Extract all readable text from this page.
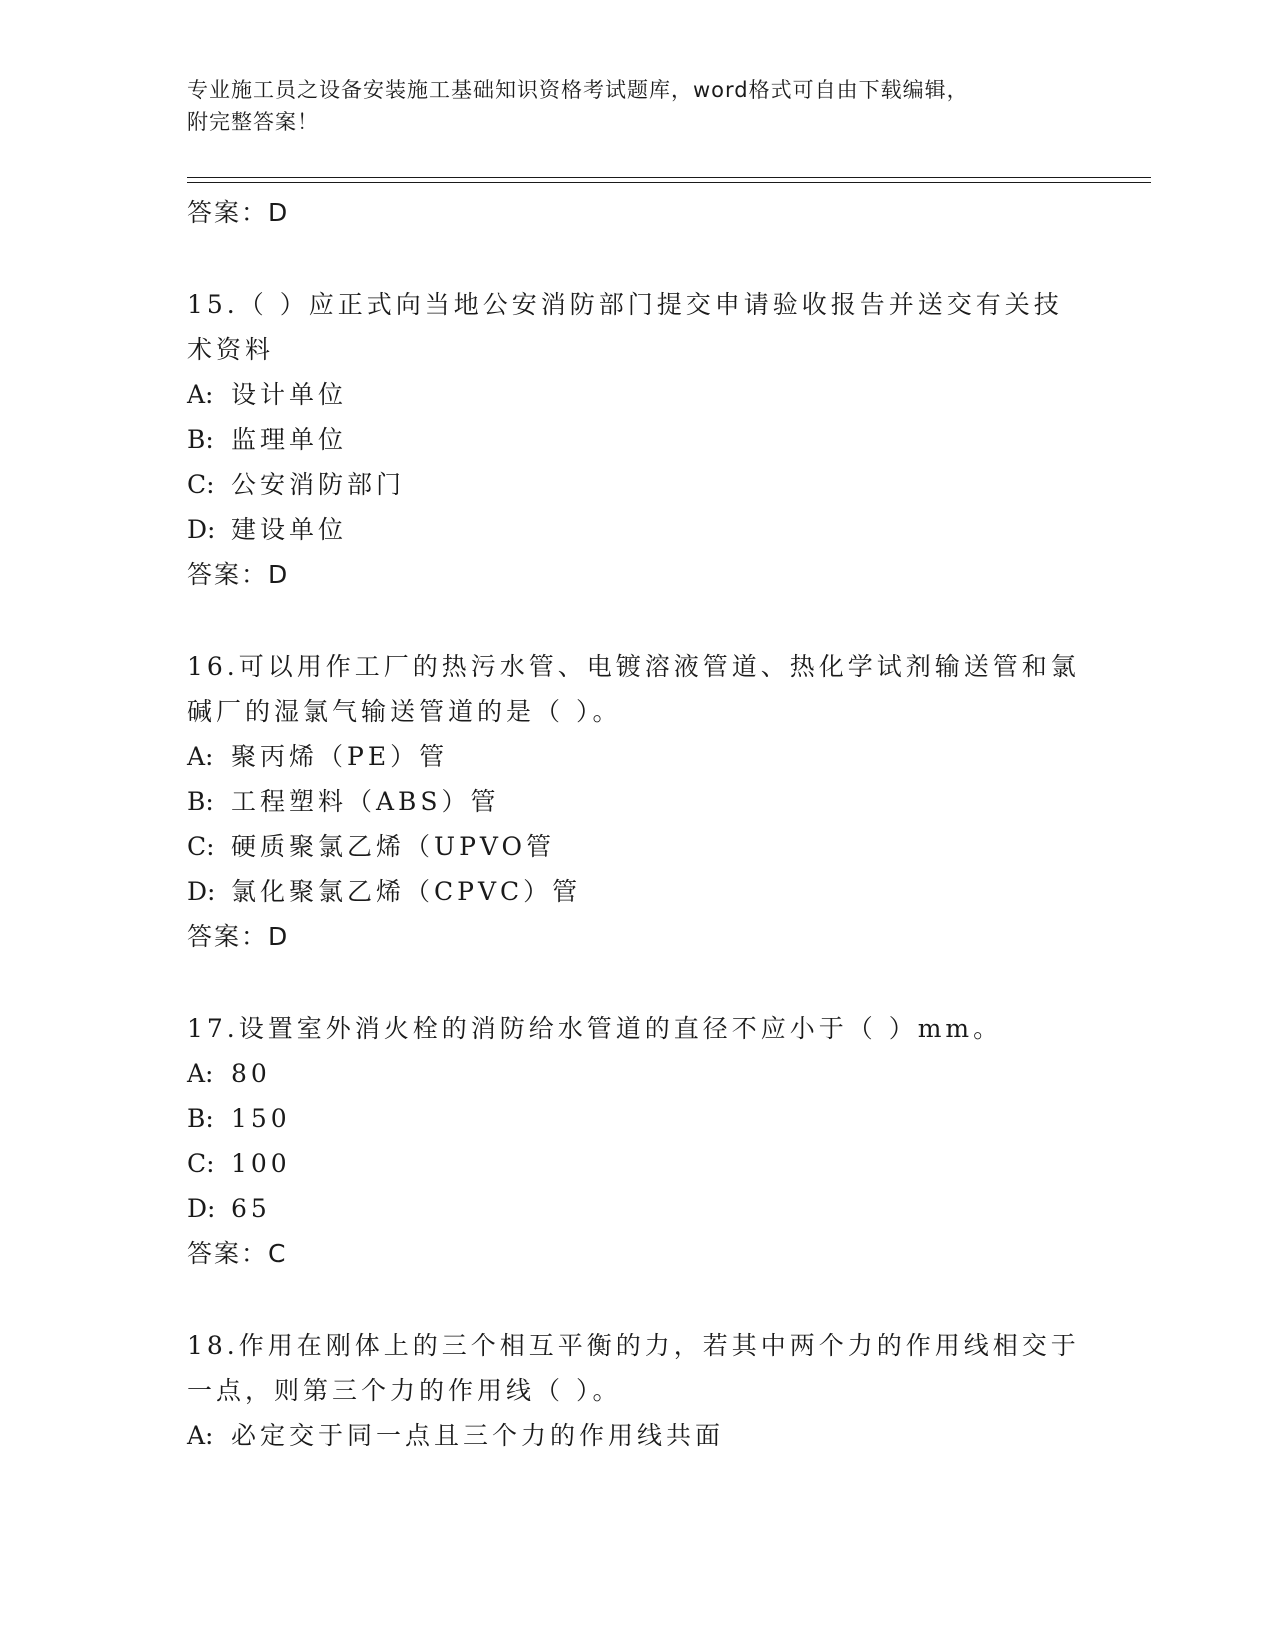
专业施工员之设备安装施工基础知识资格考试题库，word格式可自由下载编辑，
附完整答案！
答案：D

15.（ ）应正式向当地公安消防部门提交申请验收报告并送交有关技术资料

A: 设计单位
B: 监理单位
C: 公安消防部门
D: 建设单位
答案：D

16.可以用作工厂的热污水管、电镀溶液管道、热化学试剂输送管和氯碱厂的湿氯气输送管道的是（ ）。

A: 聚丙烯（PE）管
B: 工程塑料（ABS）管
C: 硬质聚氯乙烯（UPVO管
D: 氯化聚氯乙烯（CPVC）管
答案：D

17.设置室外消火栓的消防给水管道的直径不应小于（ ）mm。

A: 80
B: 150
C: 100
D: 65
答案：C

18.作用在刚体上的三个相互平衡的力，若其中两个力的作用线相交于一点，则第三个力的作用线（ ）。

A: 必定交于同一点且三个力的作用线共面
